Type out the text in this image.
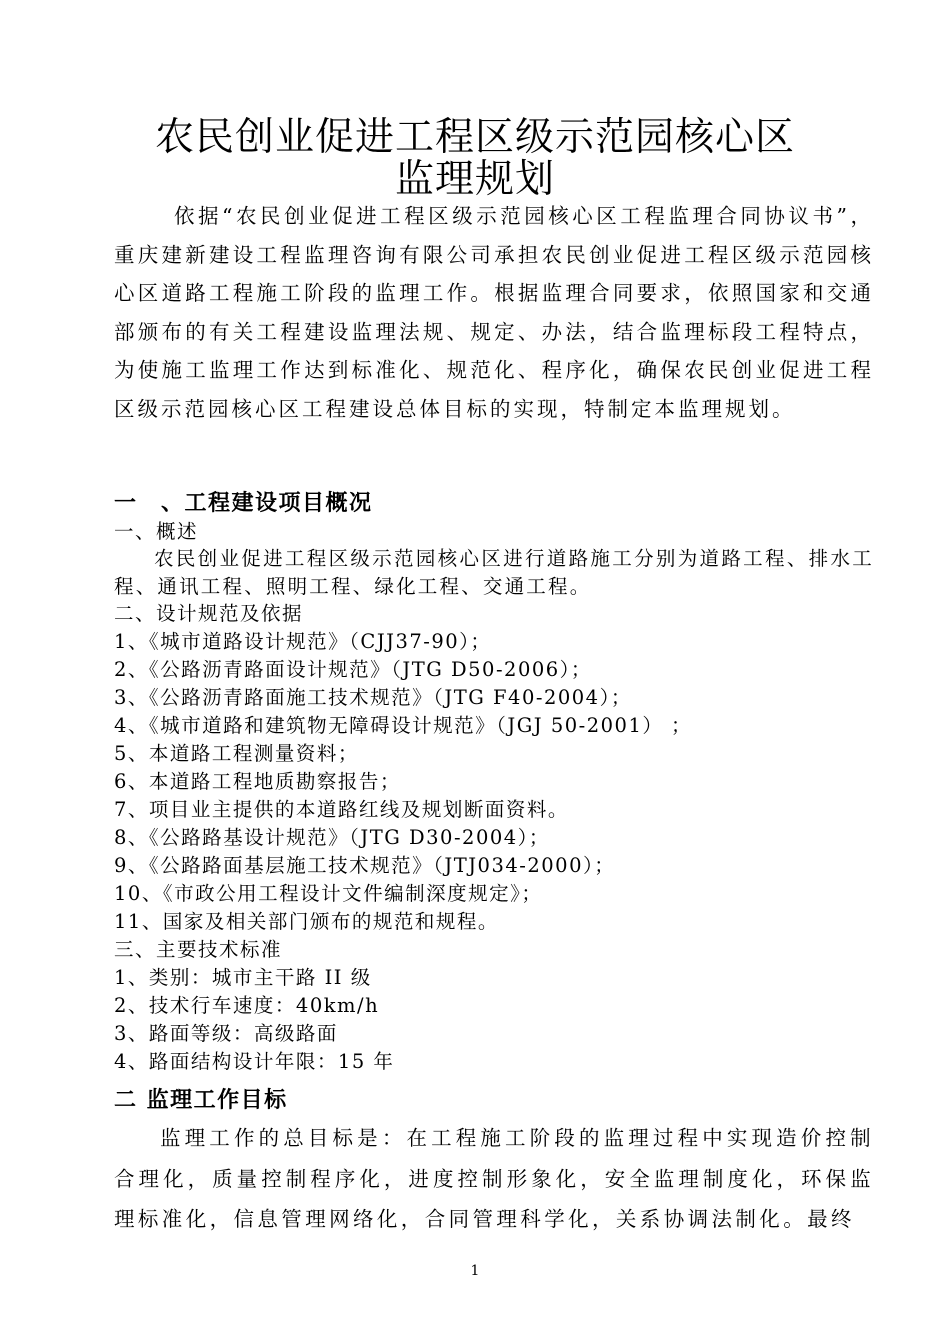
农民创业促进工程区级示范园核心区
监理规划

依据“农民创业促进工程区级示范园核心区工程监理合同协议书”，重庆建新建设工程监理咨询有限公司承担农民创业促进工程区级示范园核心区道路工程施工阶段的监理工作。根据监理合同要求，依照国家和交通部颁布的有关工程建设监理法规、规定、办法，结合监理标段工程特点，为使施工监理工作达到标准化、规范化、程序化，确保农民创业促进工程区级示范园核心区工程建设总体目标的实现，特制定本监理规划。

一　、工程建设项目概况
一、概述

农民创业促进工程区级示范园核心区进行道路施工分别为道路工程、排水工程、通讯工程、照明工程、绿化工程、交通工程。

二、设计规范及依据
1、《城市道路设计规范》（CJJ37-90）；
2、《公路沥青路面设计规范》（JTG D50-2006）；
3、《公路沥青路面施工技术规范》（JTG F40-2004）；
4、《城市道路和建筑物无障碍设计规范》（JGJ 50-2001） ；
5、本道路工程测量资料；
6、本道路工程地质勘察报告；
7、项目业主提供的本道路红线及规划断面资料。
8、《公路路基设计规范》（JTG D30-2004）；
9、《公路路面基层施工技术规范》（JTJ034-2000）；
10、《市政公用工程设计文件编制深度规定》；
11、国家及相关部门颁布的规范和规程。
三、主要技术标准
1、类别：城市主干路 II 级
2、技术行车速度：40km/h
3、路面等级：高级路面
4、路面结构设计年限：15 年
二 监理工作目标

监理工作的总目标是：在工程施工阶段的监理过程中实现造价控制合理化，质量控制程序化，进度控制形象化，安全监理制度化，环保监理标准化，信息管理网络化，合同管理科学化，关系协调法制化。最终

1
